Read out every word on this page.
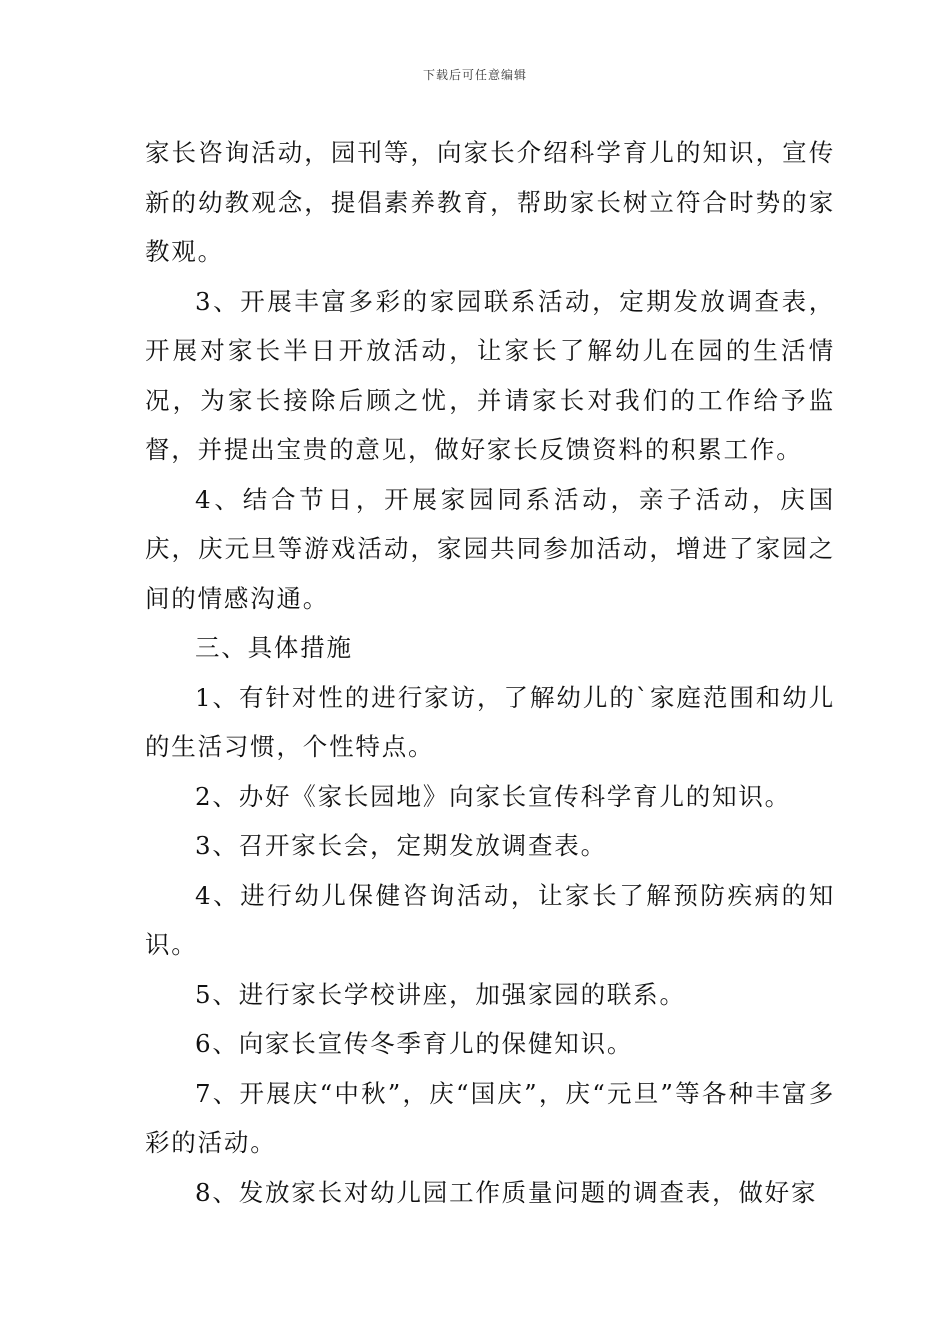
下载后可任意编辑

家长咨询活动，园刊等，向家长介绍科学育儿的知识，宣传新的幼教观念，提倡素养教育，帮助家长树立符合时势的家教观。

3、开展丰富多彩的家园联系活动，定期发放调查表，开展对家长半日开放活动，让家长了解幼儿在园的生活情况，为家长接除后顾之忧，并请家长对我们的工作给予监督，并提出宝贵的意见，做好家长反馈资料的积累工作。

4、结合节日，开展家园同系活动，亲子活动，庆国庆，庆元旦等游戏活动，家园共同参加活动，增进了家园之间的情感沟通。

三、具体措施

1、有针对性的进行家访，了解幼儿的`家庭范围和幼儿的生活习惯，个性特点。

2、办好《家长园地》向家长宣传科学育儿的知识。

3、召开家长会，定期发放调查表。

4、进行幼儿保健咨询活动，让家长了解预防疾病的知识。

5、进行家长学校讲座，加强家园的联系。

6、向家长宣传冬季育儿的保健知识。

7、开展庆“中秋”，庆“国庆”，庆“元旦”等各种丰富多彩的活动。

8、发放家长对幼儿园工作质量问题的调查表，做好家
